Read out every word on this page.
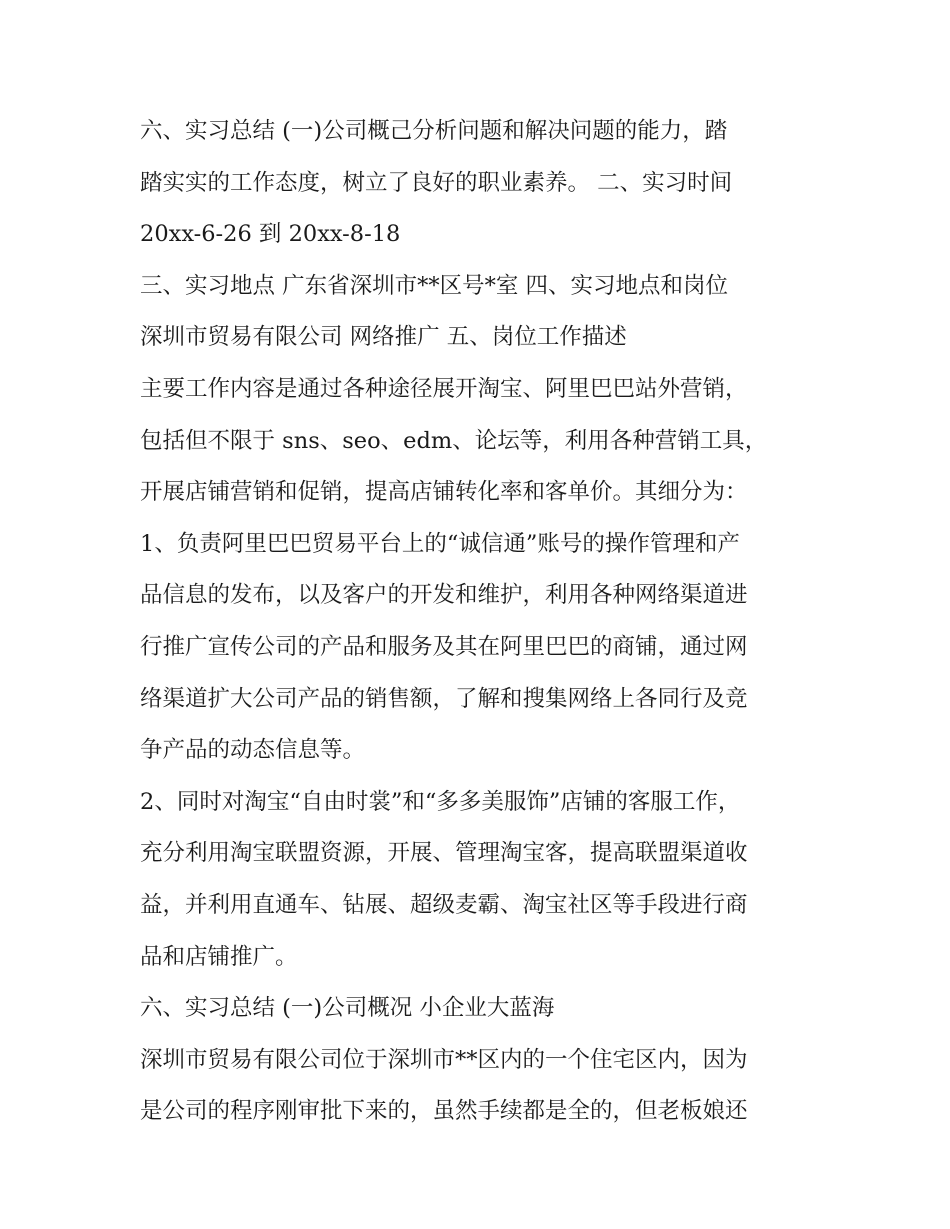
六、实习总结 (一)公司概己分析问题和解决问题的能力，踏
踏实实的工作态度，树立了良好的职业素养。 二、实习时间
20xx-6-26 到 20xx-8-18
三、实习地点 广东省深圳市**区号*室 四、实习地点和岗位
深圳市贸易有限公司 网络推广 五、岗位工作描述
主要工作内容是通过各种途径展开淘宝、阿里巴巴站外营销，
包括但不限于 sns、seo、edm、论坛等，利用各种营销工具，
开展店铺营销和促销，提高店铺转化率和客单价。其细分为：
1、负责阿里巴巴贸易平台上的“诚信通”账号的操作管理和产
品信息的发布，以及客户的开发和维护，利用各种网络渠道进
行推广宣传公司的产品和服务及其在阿里巴巴的商铺，通过网
络渠道扩大公司产品的销售额，了解和搜集网络上各同行及竞
争产品的动态信息等。
2、同时对淘宝“自由时裳”和“多多美服饰”店铺的客服工作，
充分利用淘宝联盟资源，开展、管理淘宝客，提高联盟渠道收
益，并利用直通车、钻展、超级麦霸、淘宝社区等手段进行商
品和店铺推广。
六、实习总结 (一)公司概况 小企业大蓝海
深圳市贸易有限公司位于深圳市**区内的一个住宅区内，因为
是公司的程序刚审批下来的，虽然手续都是全的，但老板娘还
